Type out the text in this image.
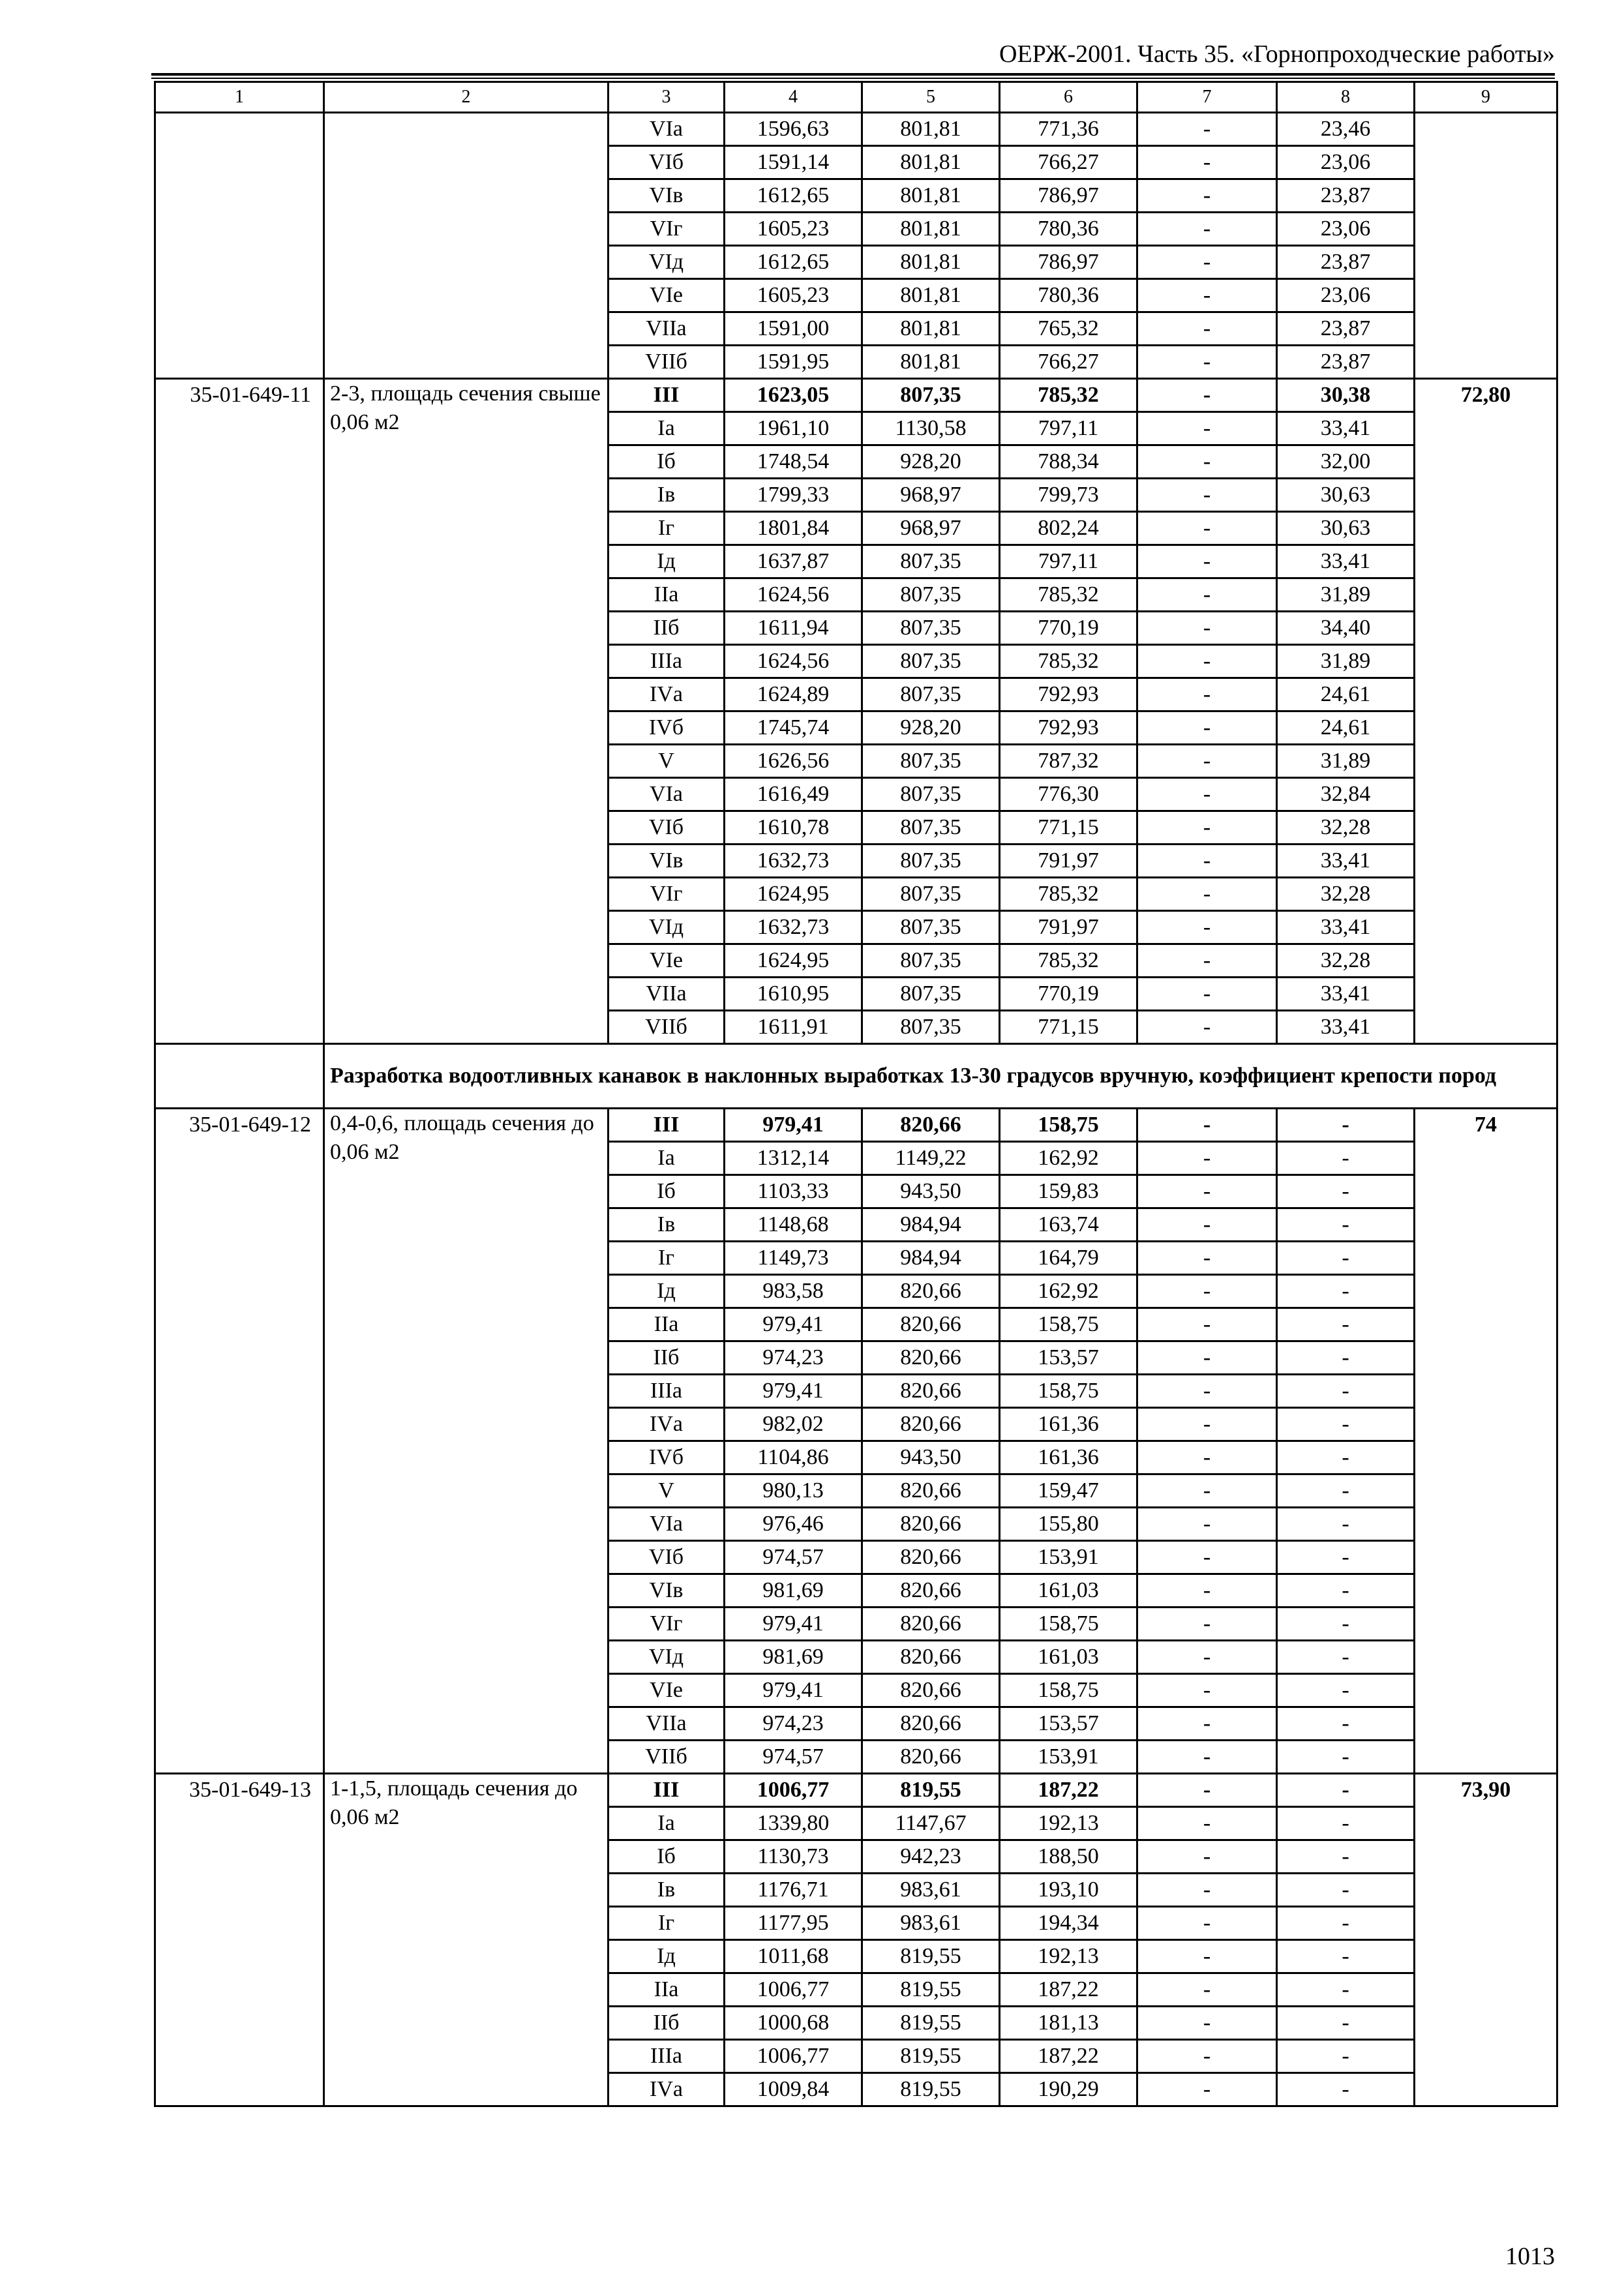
ОЕРЖ-2001. Часть 35. «Горнопроходческие работы»
1	2	3	4	5	6	7	8	9
		VIа	1596,63	801,81	771,36	-	23,46	
		VIб	1591,14	801,81	766,27	-	23,06	
		VIв	1612,65	801,81	786,97	-	23,87	
		VIг	1605,23	801,81	780,36	-	23,06	
		VIд	1612,65	801,81	786,97	-	23,87	
		VIе	1605,23	801,81	780,36	-	23,06	
		VIIа	1591,00	801,81	765,32	-	23,87	
		VIIб	1591,95	801,81	766,27	-	23,87	
35-01-649-11	2-3, площадь сечения свыше 0,06 м2	III	1623,05	807,35	785,32	-	30,38	72,80
		Iа	1961,10	1130,58	797,11	-	33,41	
		Iб	1748,54	928,20	788,34	-	32,00	
		Iв	1799,33	968,97	799,73	-	30,63	
		Iг	1801,84	968,97	802,24	-	30,63	
		Iд	1637,87	807,35	797,11	-	33,41	
		IIа	1624,56	807,35	785,32	-	31,89	
		IIб	1611,94	807,35	770,19	-	34,40	
		IIIа	1624,56	807,35	785,32	-	31,89	
		IVа	1624,89	807,35	792,93	-	24,61	
		IVб	1745,74	928,20	792,93	-	24,61	
		V	1626,56	807,35	787,32	-	31,89	
		VIа	1616,49	807,35	776,30	-	32,84	
		VIб	1610,78	807,35	771,15	-	32,28	
		VIв	1632,73	807,35	791,97	-	33,41	
		VIг	1624,95	807,35	785,32	-	32,28	
		VIд	1632,73	807,35	791,97	-	33,41	
		VIе	1624,95	807,35	785,32	-	32,28	
		VIIа	1610,95	807,35	770,19	-	33,41	
		VIIб	1611,91	807,35	771,15	-	33,41	
	Разработка водоотливных канавок в наклонных выработках 13-30 градусов вручную, коэффициент крепости пород							
35-01-649-12	0,4-0,6, площадь сечения до 0,06 м2	III	979,41	820,66	158,75	-	-	74
		Iа	1312,14	1149,22	162,92	-	-	
		Iб	1103,33	943,50	159,83	-	-	
		Iв	1148,68	984,94	163,74	-	-	
		Iг	1149,73	984,94	164,79	-	-	
		Iд	983,58	820,66	162,92	-	-	
		IIа	979,41	820,66	158,75	-	-	
		IIб	974,23	820,66	153,57	-	-	
		IIIа	979,41	820,66	158,75	-	-	
		IVа	982,02	820,66	161,36	-	-	
		IVб	1104,86	943,50	161,36	-	-	
		V	980,13	820,66	159,47	-	-	
		VIа	976,46	820,66	155,80	-	-	
		VIб	974,57	820,66	153,91	-	-	
		VIв	981,69	820,66	161,03	-	-	
		VIг	979,41	820,66	158,75	-	-	
		VIд	981,69	820,66	161,03	-	-	
		VIе	979,41	820,66	158,75	-	-	
		VIIа	974,23	820,66	153,57	-	-	
		VIIб	974,57	820,66	153,91	-	-	
35-01-649-13	1-1,5, площадь сечения до 0,06 м2	III	1006,77	819,55	187,22	-	-	73,90
		Iа	1339,80	1147,67	192,13	-	-	
		Iб	1130,73	942,23	188,50	-	-	
		Iв	1176,71	983,61	193,10	-	-	
		Iг	1177,95	983,61	194,34	-	-	
		Iд	1011,68	819,55	192,13	-	-	
		IIа	1006,77	819,55	187,22	-	-	
		IIб	1000,68	819,55	181,13	-	-	
		IIIа	1006,77	819,55	187,22	-	-	
		IVа	1009,84	819,55	190,29	-	-	
1013
